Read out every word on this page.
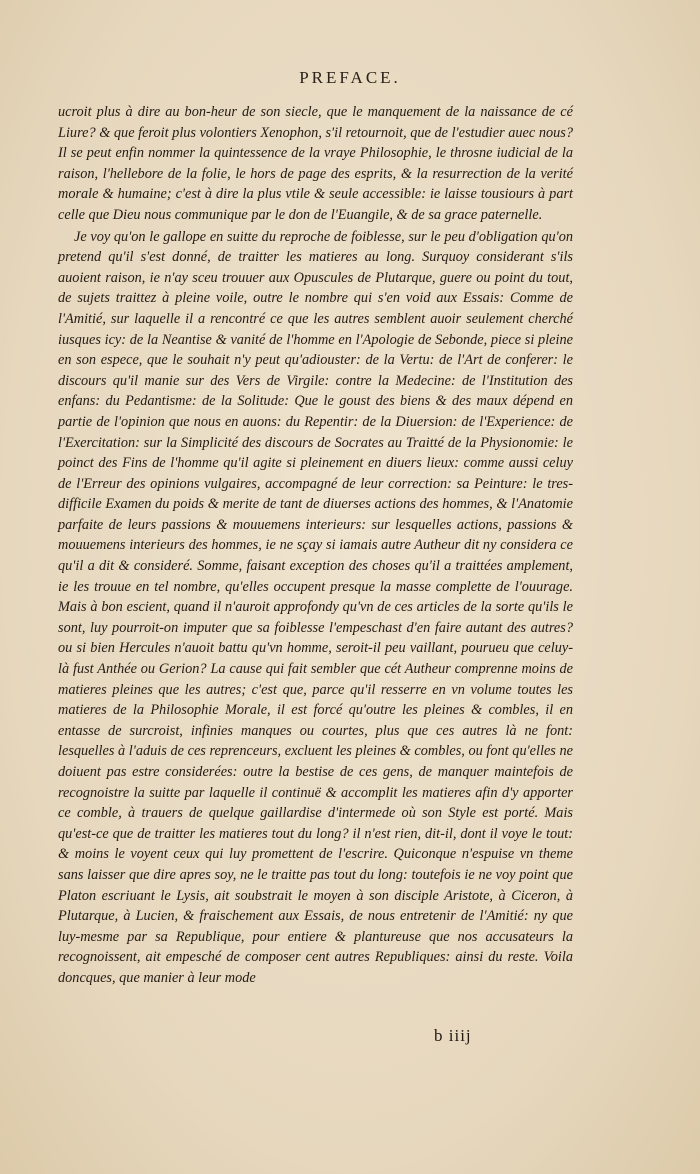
PREFACE.

ucroit plus à dire au bon-heur de son siecle, que le manquement de la naissance de cé Liure? & que feroit plus volontiers Xenophon, s'il retournoit, que de l'estudier auec nous? Il se peut enfin nommer la quintessence de la vraye Philosophie, le throsne iudicial de la raison, l'hellebore de la folie, le hors de page des esprits, & la resurrection de la verité morale & humaine; c'est à dire la plus vtile & seule accessible: ie laisse tousiours à part celle que Dieu nous communique par le don de l'Euangile, & de sa grace paternelle.

Je voy qu'on le gallope en suitte du reproche de foiblesse, sur le peu d'obligation qu'on pretend qu'il s'est donné, de traitter les matieres au long. Surquoy considerant s'ils auoient raison, ie n'ay sceu trouuer aux Opuscules de Plutarque, guere ou point du tout, de sujets traittez à pleine voile, outre le nombre qui s'en void aux Essais: Comme de l'Amitié, sur laquelle il a rencontré ce que les autres semblent auoir seulement cherché iusques icy: de la Neantise & vanité de l'homme en l'Apologie de Sebonde, piece si pleine en son espece, que le souhait n'y peut qu'adiouster: de la Vertu: de l'Art de conferer: le discours qu'il manie sur des Vers de Virgile: contre la Medecine: de l'Institution des enfans: du Pedantisme: de la Solitude: Que le goust des biens & des maux dépend en partie de l'opinion que nous en auons: du Repentir: de la Diuersion: de l'Experience: de l'Exercitation: sur la Simplicité des discours de Socrates au Traitté de la Physionomie: le poinct des Fins de l'homme qu'il agite si pleinement en diuers lieux: comme aussi celuy de l'Erreur des opinions vulgaires, accompagné de leur correction: sa Peinture: le tres-difficile Examen du poids & merite de tant de diuerses actions des hommes, & l'Anatomie parfaite de leurs passions & mouuemens interieurs: sur lesquelles actions, passions & mouuemens interieurs des hommes, ie ne sçay si iamais autre Autheur dit ny considera ce qu'il a dit & consideré. Somme, faisant exception des choses qu'il a traittées amplement, ie les trouue en tel nombre, qu'elles occupent presque la masse complette de l'ouurage. Mais à bon escient, quand il n'auroit approfondy qu'vn de ces articles de la sorte qu'ils le sont, luy pourroit-on imputer que sa foiblesse l'empeschast d'en faire autant des autres? ou si bien Hercules n'auoit battu qu'vn homme, seroit-il peu vaillant, pourueu que celuy-là fust Anthée ou Gerion? La cause qui fait sembler que cét Autheur comprenne moins de matieres pleines que les autres; c'est que, parce qu'il resserre en vn volume toutes les matieres de la Philosophie Morale, il est forcé qu'outre les pleines & combles, il en entasse de surcroist, infinies manques ou courtes, plus que ces autres là ne font: lesquelles à l'aduis de ces reprenceurs, excluent les pleines & combles, ou font qu'elles ne doiuent pas estre considerées: outre la bestise de ces gens, de manquer maintefois de recognoistre la suitte par laquelle il continuë & accomplit les matieres afin d'y apporter ce comble, à trauers de quelque gaillardise d'intermede où son Style est porté. Mais qu'est-ce que de traitter les matieres tout du long? il n'est rien, dit-il, dont il voye le tout: & moins le voyent ceux qui luy promettent de l'escrire. Quiconque n'espuise vn theme sans laisser que dire apres soy, ne le traitte pas tout du long: toutefois ie ne voy point que Platon escriuant le Lysis, ait soubstrait le moyen à son disciple Aristote, à Ciceron, à Plutarque, à Lucien, & fraischement aux Essais, de nous entretenir de l'Amitié: ny que luy-mesme par sa Republique, pour entiere & plantureuse que nos accusateurs la recognoissent, ait empesché de composer cent autres Republiques: ainsi du reste. Voila doncques, que manier à leur mode

b iiij
